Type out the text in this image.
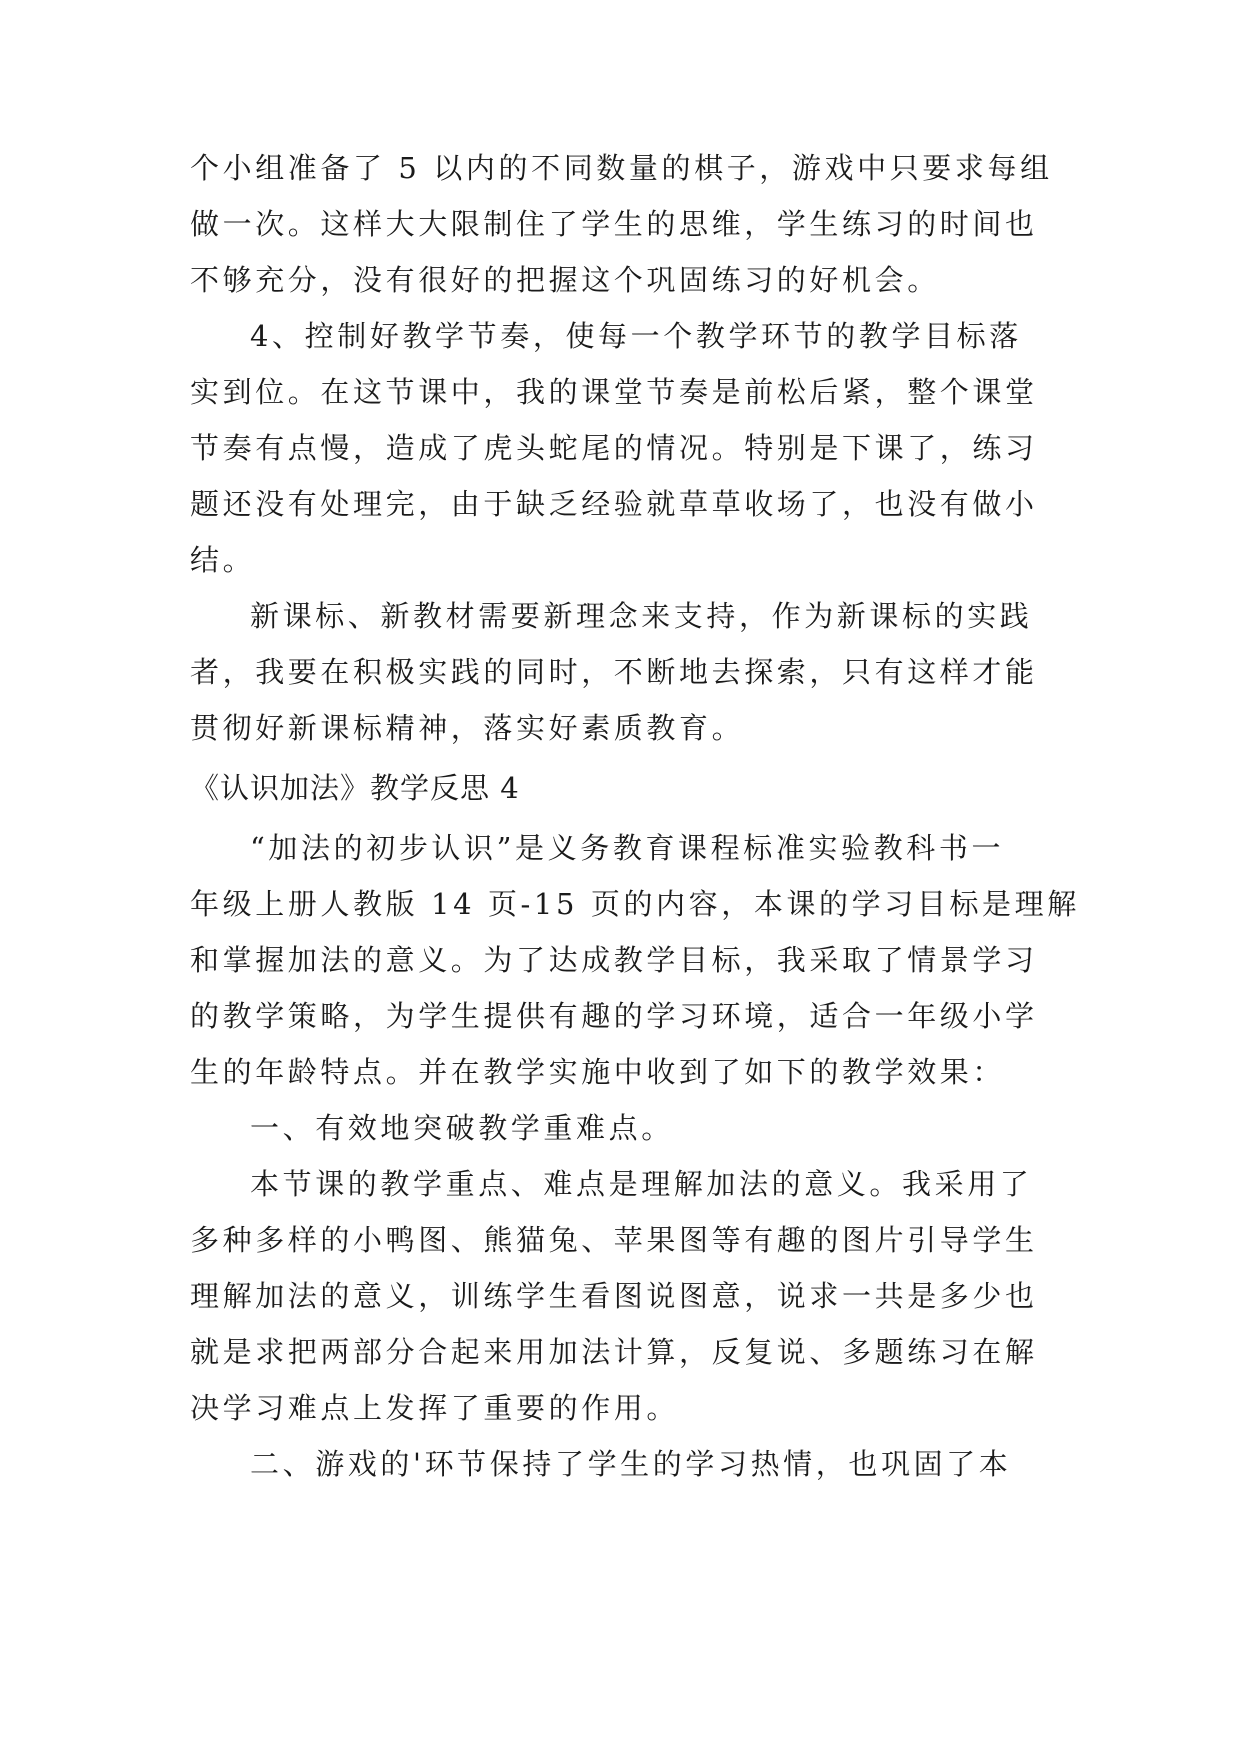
个小组准备了 5 以内的不同数量的棋子，游戏中只要求每组
做一次。这样大大限制住了学生的思维，学生练习的时间也
不够充分，没有很好的把握这个巩固练习的好机会。
4、控制好教学节奏，使每一个教学环节的教学目标落
实到位。在这节课中，我的课堂节奏是前松后紧，整个课堂
节奏有点慢，造成了虎头蛇尾的情况。特别是下课了，练习
题还没有处理完，由于缺乏经验就草草收场了，也没有做小
结。
新课标、新教材需要新理念来支持，作为新课标的实践
者，我要在积极实践的同时，不断地去探索，只有这样才能
贯彻好新课标精神，落实好素质教育。
《认识加法》教学反思 4
“加法的初步认识”是义务教育课程标准实验教科书一
年级上册人教版 14 页-15 页的内容，本课的学习目标是理解
和掌握加法的意义。为了达成教学目标，我采取了情景学习
的教学策略，为学生提供有趣的学习环境，适合一年级小学
生的年龄特点。并在教学实施中收到了如下的教学效果：
一、有效地突破教学重难点。
本节课的教学重点、难点是理解加法的意义。我采用了
多种多样的小鸭图、熊猫兔、苹果图等有趣的图片引导学生
理解加法的意义，训练学生看图说图意，说求一共是多少也
就是求把两部分合起来用加法计算，反复说、多题练习在解
决学习难点上发挥了重要的作用。
二、游戏的'环节保持了学生的学习热情，也巩固了本
